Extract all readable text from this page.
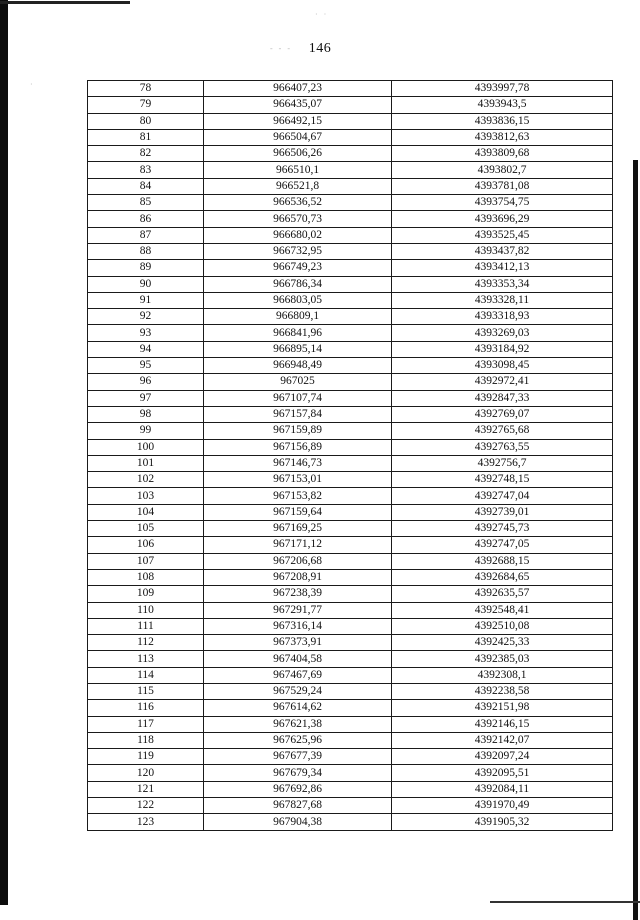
· ·
- - -
·
146
78	966407,23	4393997,78
79	966435,07	4393943,5
80	966492,15	4393836,15
81	966504,67	4393812,63
82	966506,26	4393809,68
83	966510,1	4393802,7
84	966521,8	4393781,08
85	966536,52	4393754,75
86	966570,73	4393696,29
87	966680,02	4393525,45
88	966732,95	4393437,82
89	966749,23	4393412,13
90	966786,34	4393353,34
91	966803,05	4393328,11
92	966809,1	4393318,93
93	966841,96	4393269,03
94	966895,14	4393184,92
95	966948,49	4393098,45
96	967025	4392972,41
97	967107,74	4392847,33
98	967157,84	4392769,07
99	967159,89	4392765,68
100	967156,89	4392763,55
101	967146,73	4392756,7
102	967153,01	4392748,15
103	967153,82	4392747,04
104	967159,64	4392739,01
105	967169,25	4392745,73
106	967171,12	4392747,05
107	967206,68	4392688,15
108	967208,91	4392684,65
109	967238,39	4392635,57
110	967291,77	4392548,41
111	967316,14	4392510,08
112	967373,91	4392425,33
113	967404,58	4392385,03
114	967467,69	4392308,1
115	967529,24	4392238,58
116	967614,62	4392151,98
117	967621,38	4392146,15
118	967625,96	4392142,07
119	967677,39	4392097,24
120	967679,34	4392095,51
121	967692,86	4392084,11
122	967827,68	4391970,49
123	967904,38	4391905,32
